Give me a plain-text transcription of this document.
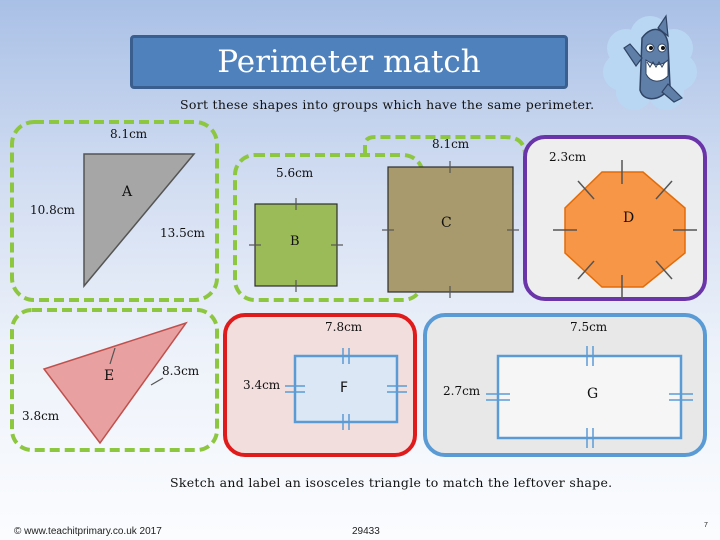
Perimeter match
Sort these shapes into groups which have the same perimeter.
8.1cm
10.8cm
13.5cm
A
5.6cm
B
8.1cm
C
2.3cm
D
8.3cm
3.8cm
E
7.8cm
3.4cm	F
7.5cm
2.7cm	G
Sketch and label an isosceles triangle to match the leftover shape.
© www.teachitprimary.co.uk 2017	29433
7
